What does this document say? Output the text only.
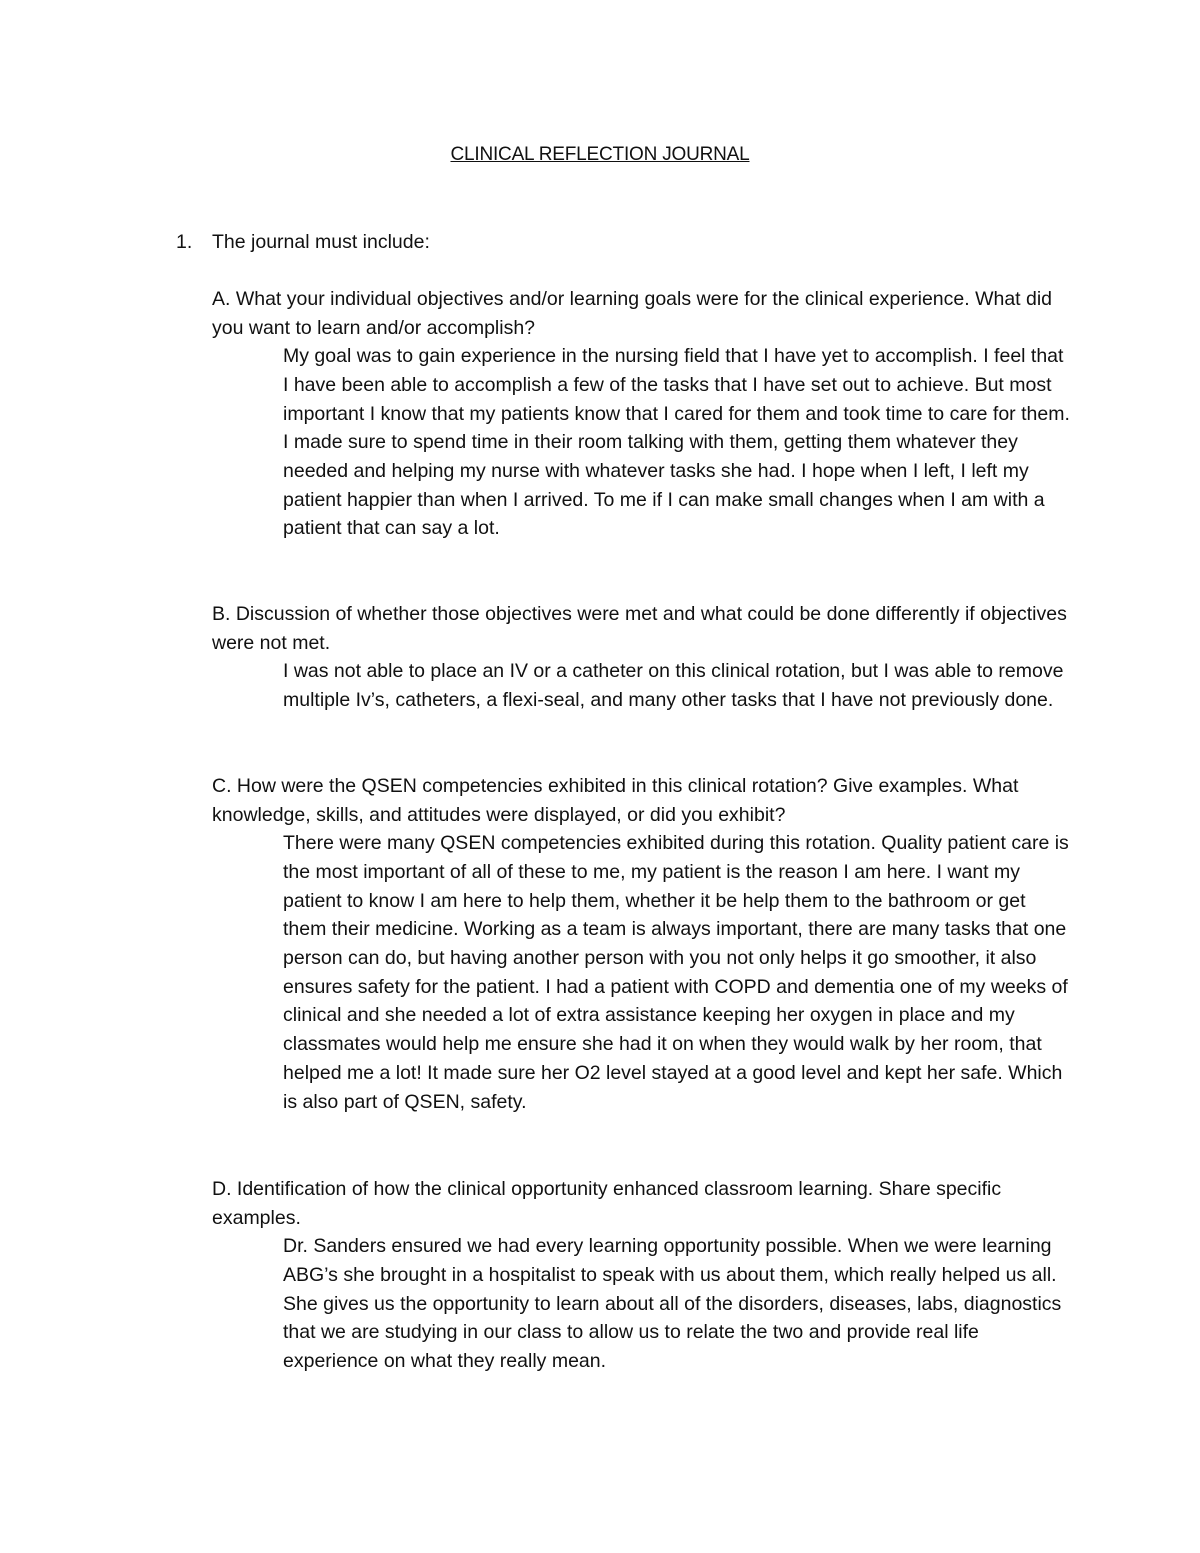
CLINICAL REFLECTION JOURNAL
1. The journal must include:

A. What your individual objectives and/or learning goals were for the clinical experience. What did you want to learn and/or accomplish?

My goal was to gain experience in the nursing field that I have yet to accomplish. I feel that I have been able to accomplish a few of the tasks that I have set out to achieve. But most important I know that my patients know that I cared for them and took time to care for them. I made sure to spend time in their room talking with them, getting them whatever they needed and helping my nurse with whatever tasks she had. I hope when I left, I left my patient happier than when I arrived. To me if I can make small changes when I am with a patient that can say a lot.

B. Discussion of whether those objectives were met and what could be done differently if objectives were not met.

I was not able to place an IV or a catheter on this clinical rotation, but I was able to remove multiple Iv’s, catheters, a flexi-seal, and many other tasks that I have not previously done.

C. How were the QSEN competencies exhibited in this clinical rotation? Give examples. What knowledge, skills, and attitudes were displayed, or did you exhibit?

There were many QSEN competencies exhibited during this rotation. Quality patient care is the most important of all of these to me, my patient is the reason I am here. I want my patient to know I am here to help them, whether it be help them to the bathroom or get them their medicine. Working as a team is always important, there are many tasks that one person can do, but having another person with you not only helps it go smoother, it also ensures safety for the patient. I had a patient with COPD and dementia one of my weeks of clinical and she needed a lot of extra assistance keeping her oxygen in place and my classmates would help me ensure she had it on when they would walk by her room, that helped me a lot! It made sure her O2 level stayed at a good level and kept her safe. Which is also part of QSEN, safety.

D. Identification of how the clinical opportunity enhanced classroom learning. Share specific examples.

Dr. Sanders ensured we had every learning opportunity possible. When we were learning ABG’s she brought in a hospitalist to speak with us about them, which really helped us all. She gives us the opportunity to learn about all of the disorders, diseases, labs, diagnostics that we are studying in our class to allow us to relate the two and provide real life experience on what they really mean.
